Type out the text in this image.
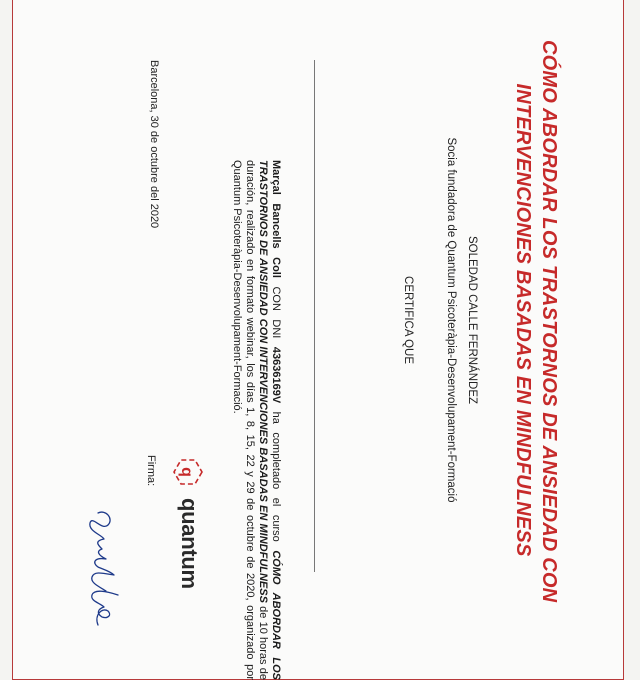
CÓMO ABORDAR LOS TRASTORNOS DE ANSIEDAD CON
INTERVENCIONES BASADAS EN MINDFULNESS
SOLEDAD CALLE FERNÁNDEZ
Socia fundadora de Quantum Psicoteràpia-Desenvolupament-Formació
CERTIFICA QUE

Marçal Bancells Coll CON DNI 43636169V ha completado el curso CÓMO ABORDAR LOS TRASTORNOS DE ANSIEDAD CON INTERVENCIONES BASADAS EN MINDFULNESS de 10 horas de duración, realizado en formato webinar, los días 1, 8, 15, 22 y 29 de octubre de 2020, organizado por Quantum Psicoteràpia-Desenvolupament-Formació.

Barcelona, 30 de octubre del 2020
q
quantum
Firma:
